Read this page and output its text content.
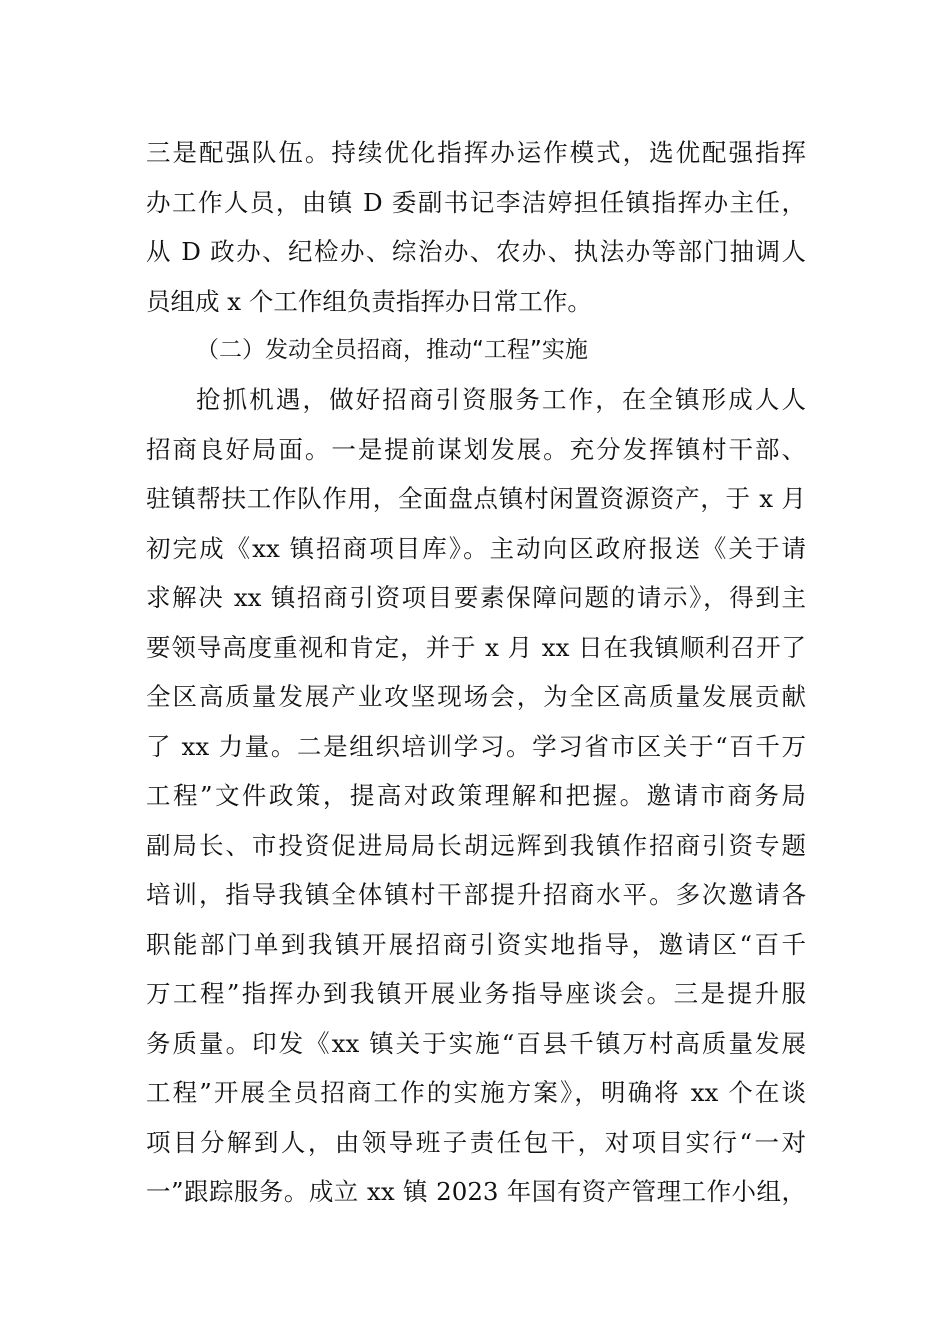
三是配强队伍。持续优化指挥办运作模式，选优配强指挥
办工作人员，由镇 D 委副书记李洁婷担任镇指挥办主任，
从 D 政办、纪检办、综治办、农办、执法办等部门抽调人
员组成 x 个工作组负责指挥办日常工作。
（二）发动全员招商，推动“工程”实施
抢抓机遇，做好招商引资服务工作，在全镇形成人人
招商良好局面。一是提前谋划发展。充分发挥镇村干部、
驻镇帮扶工作队作用，全面盘点镇村闲置资源资产，于 x 月
初完成《xx 镇招商项目库》。主动向区政府报送《关于请
求解决 xx 镇招商引资项目要素保障问题的请示》，得到主
要领导高度重视和肯定，并于 x 月 xx 日在我镇顺利召开了
全区高质量发展产业攻坚现场会，为全区高质量发展贡献
了 xx 力量。二是组织培训学习。学习省市区关于“百千万
工程”文件政策，提高对政策理解和把握。邀请市商务局
副局长、市投资促进局局长胡远辉到我镇作招商引资专题
培训，指导我镇全体镇村干部提升招商水平。多次邀请各
职能部门单到我镇开展招商引资实地指导，邀请区“百千
万工程”指挥办到我镇开展业务指导座谈会。三是提升服
务质量。印发《xx 镇关于实施“百县千镇万村高质量发展
工程”开展全员招商工作的实施方案》，明确将 xx 个在谈
项目分解到人，由领导班子责任包干，对项目实行“一对
一”跟踪服务。成立 xx 镇 2023 年国有资产管理工作小组，
